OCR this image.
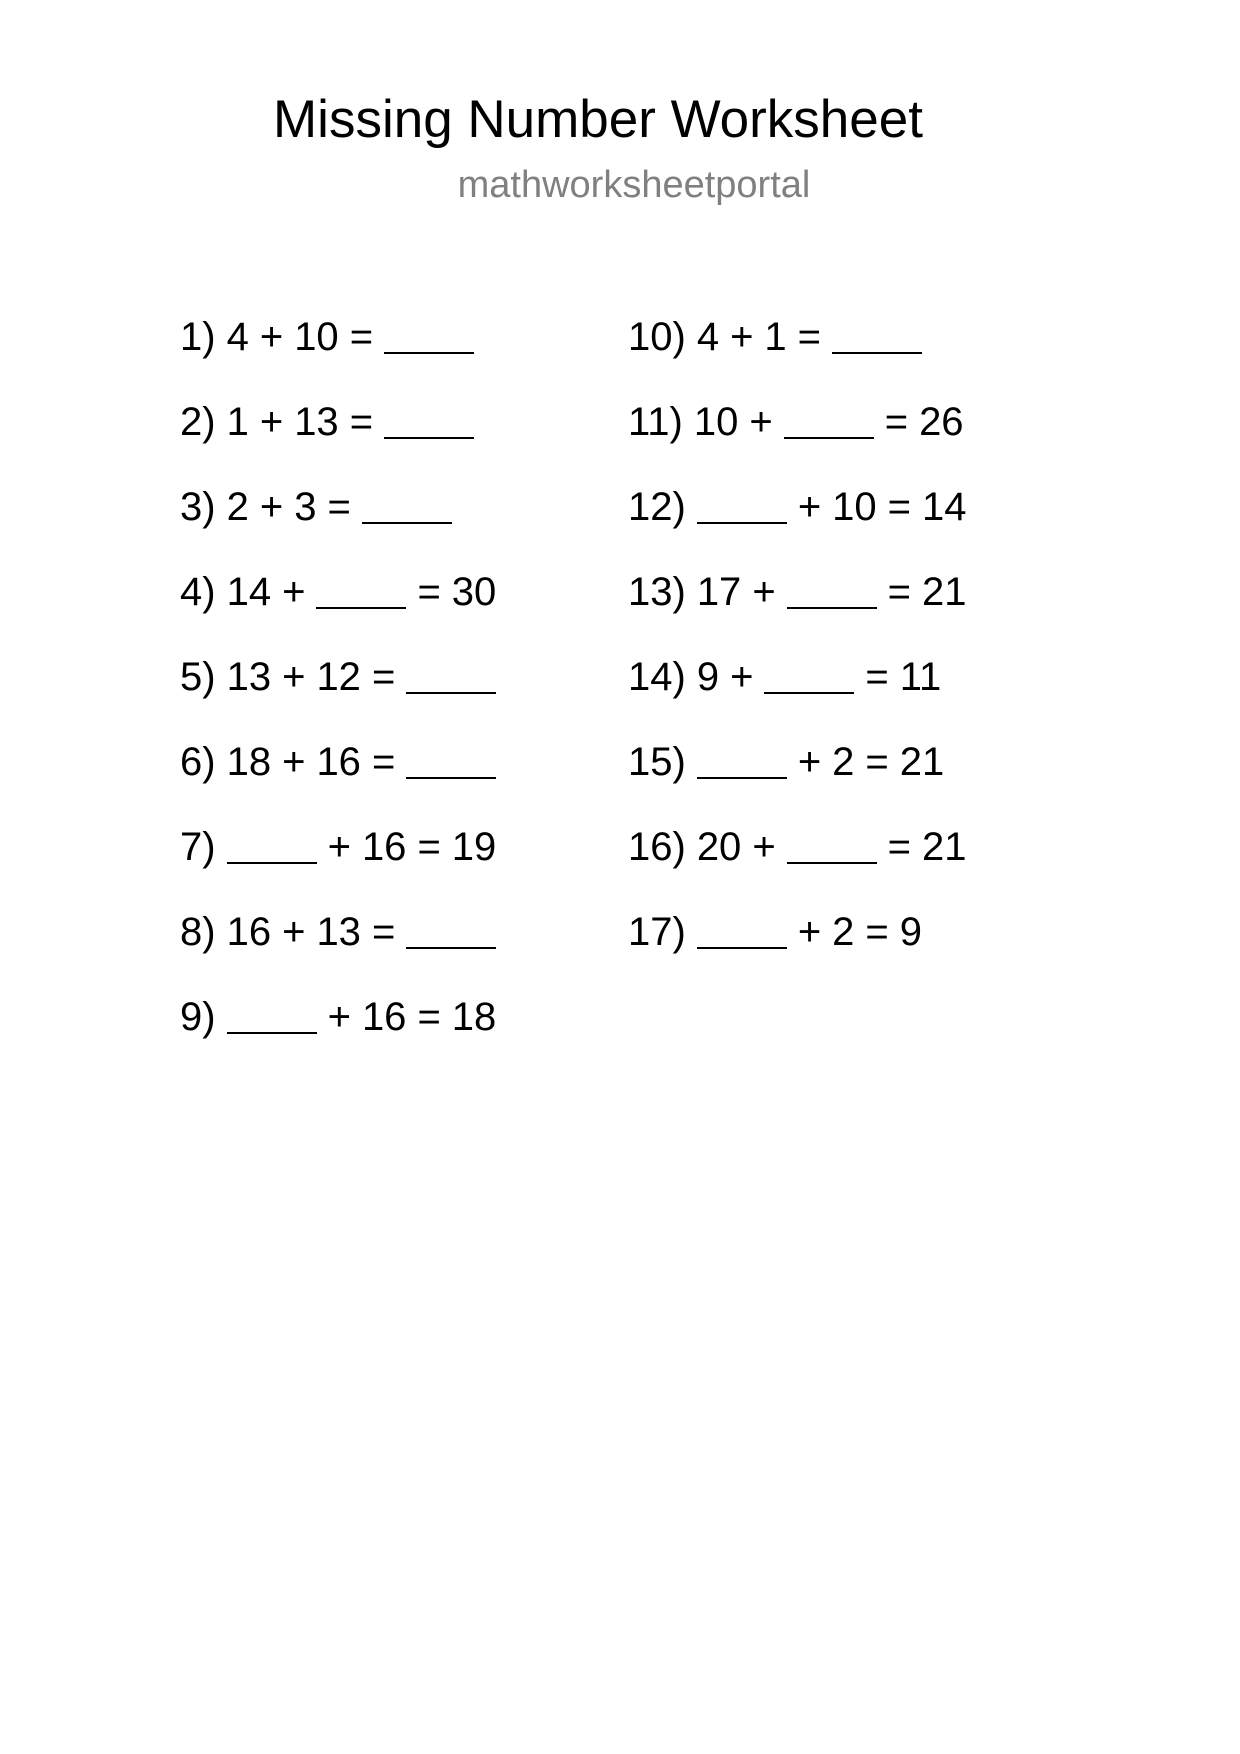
Missing Number Worksheet
mathworksheetportal
1) 4 + 10 =
2) 1 + 13 =
3) 2 + 3 =
4) 14 +	= 30
5) 13 + 12 =
6) 18 + 16 =
7)	+ 16 = 19
8) 16 + 13 =
9)	+ 16 = 18
10) 4 + 1 =
11) 10 +	= 26
12)	+ 10 = 14
13) 17 +	= 21
14) 9 +	= 11
15)	+ 2 = 21
16) 20 +	= 21
17)	+ 2 = 9
